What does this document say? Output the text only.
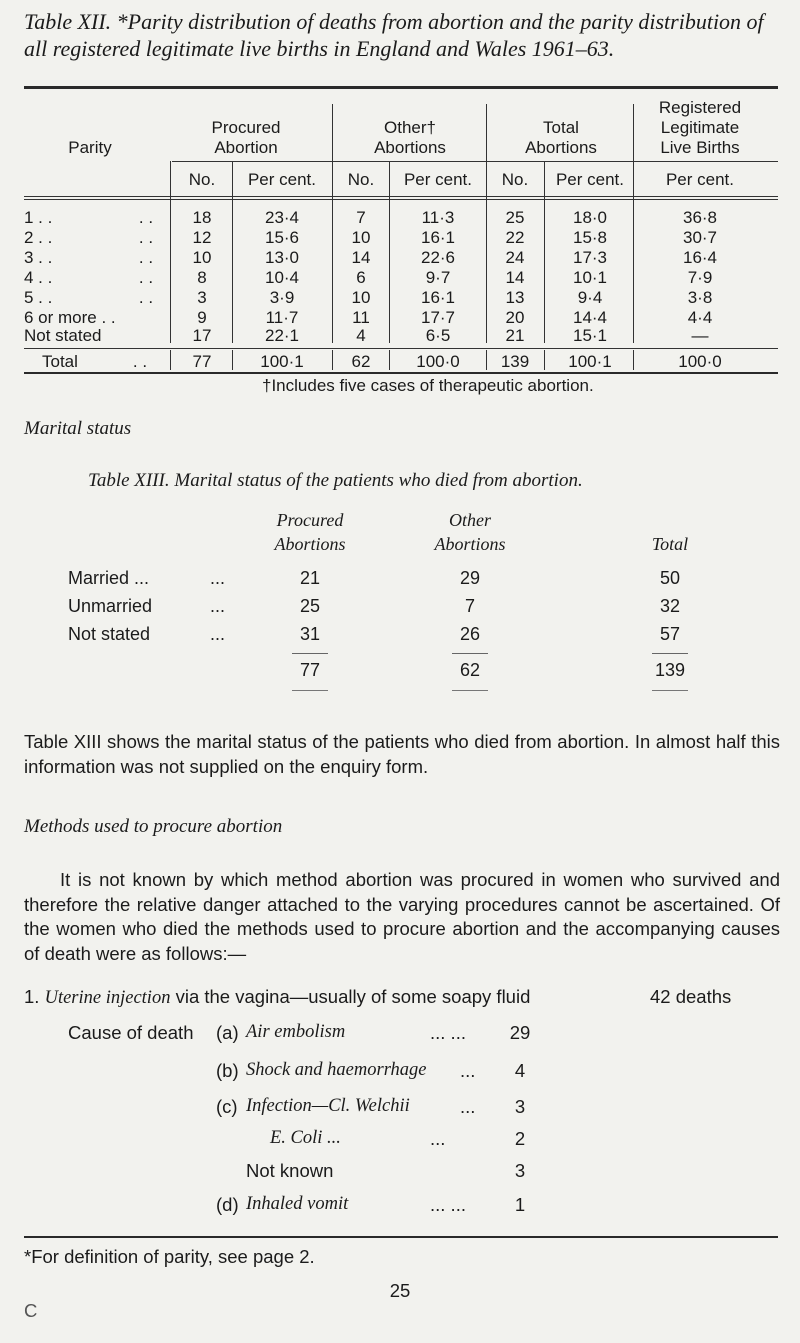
Table XII. *Parity distribution of deaths from abortion and the parity distribution of all registered legitimate live births in England and Wales 1961–63.
Parity
Procured
Abortion
Other†
Abortions
Total
Abortions
Registered
Legitimate
Live Births
No.	Per cent.	No.	Per cent.	No.	Per cent.	Per cent.
1 . .	. .	18	23·4	7	11·3	25	18·0	36·8
2 . .	. .	12	15·6	10	16·1	22	15·8	30·7
3 . .	. .	10	13·0	14	22·6	24	17·3	16·4
4 . .	. .	8	10·4	6	9·7	14	10·1	7·9
5 . .	. .	3	3·9	10	16·1	13	9·4	3·8
6 or more . .	9	11·7	11	17·7	20	14·4	4·4
Not stated	17	22·1	4	6·5	21	15·1	—
Total	. .	77	100·1	62	100·0	139	100·1	100·0
†Includes five cases of therapeutic abortion.
Marital status
Table XIII. Marital status of the patients who died from abortion.
Procured
Abortions
Other
Abortions	Total
Married ...	...	21	29	50
Unmarried	...	25	7	32
Not stated	...	31	26	57
77	62	139
Table XIII shows the marital status of the patients who died from abortion. In almost half this information was not supplied on the enquiry form.
Methods used to procure abortion
It is not known by which method abortion was procured in women who survived and therefore the relative danger attached to the varying procedures cannot be ascertained. Of the women who died the methods used to procure abortion and the accompanying causes of death were as follows:—
1. Uterine injection via the vagina—usually of some soapy fluid	42 deaths
Cause of death (a) Air embolism	... ... 29
(b) Shock and haemorrhage ...	4
(c) Infection—Cl. Welchii	...	3
E. Coli ...	...	2
Not known	3
(d) Inhaled vomit	... ...	1
*For definition of parity, see page 2.
25
C
